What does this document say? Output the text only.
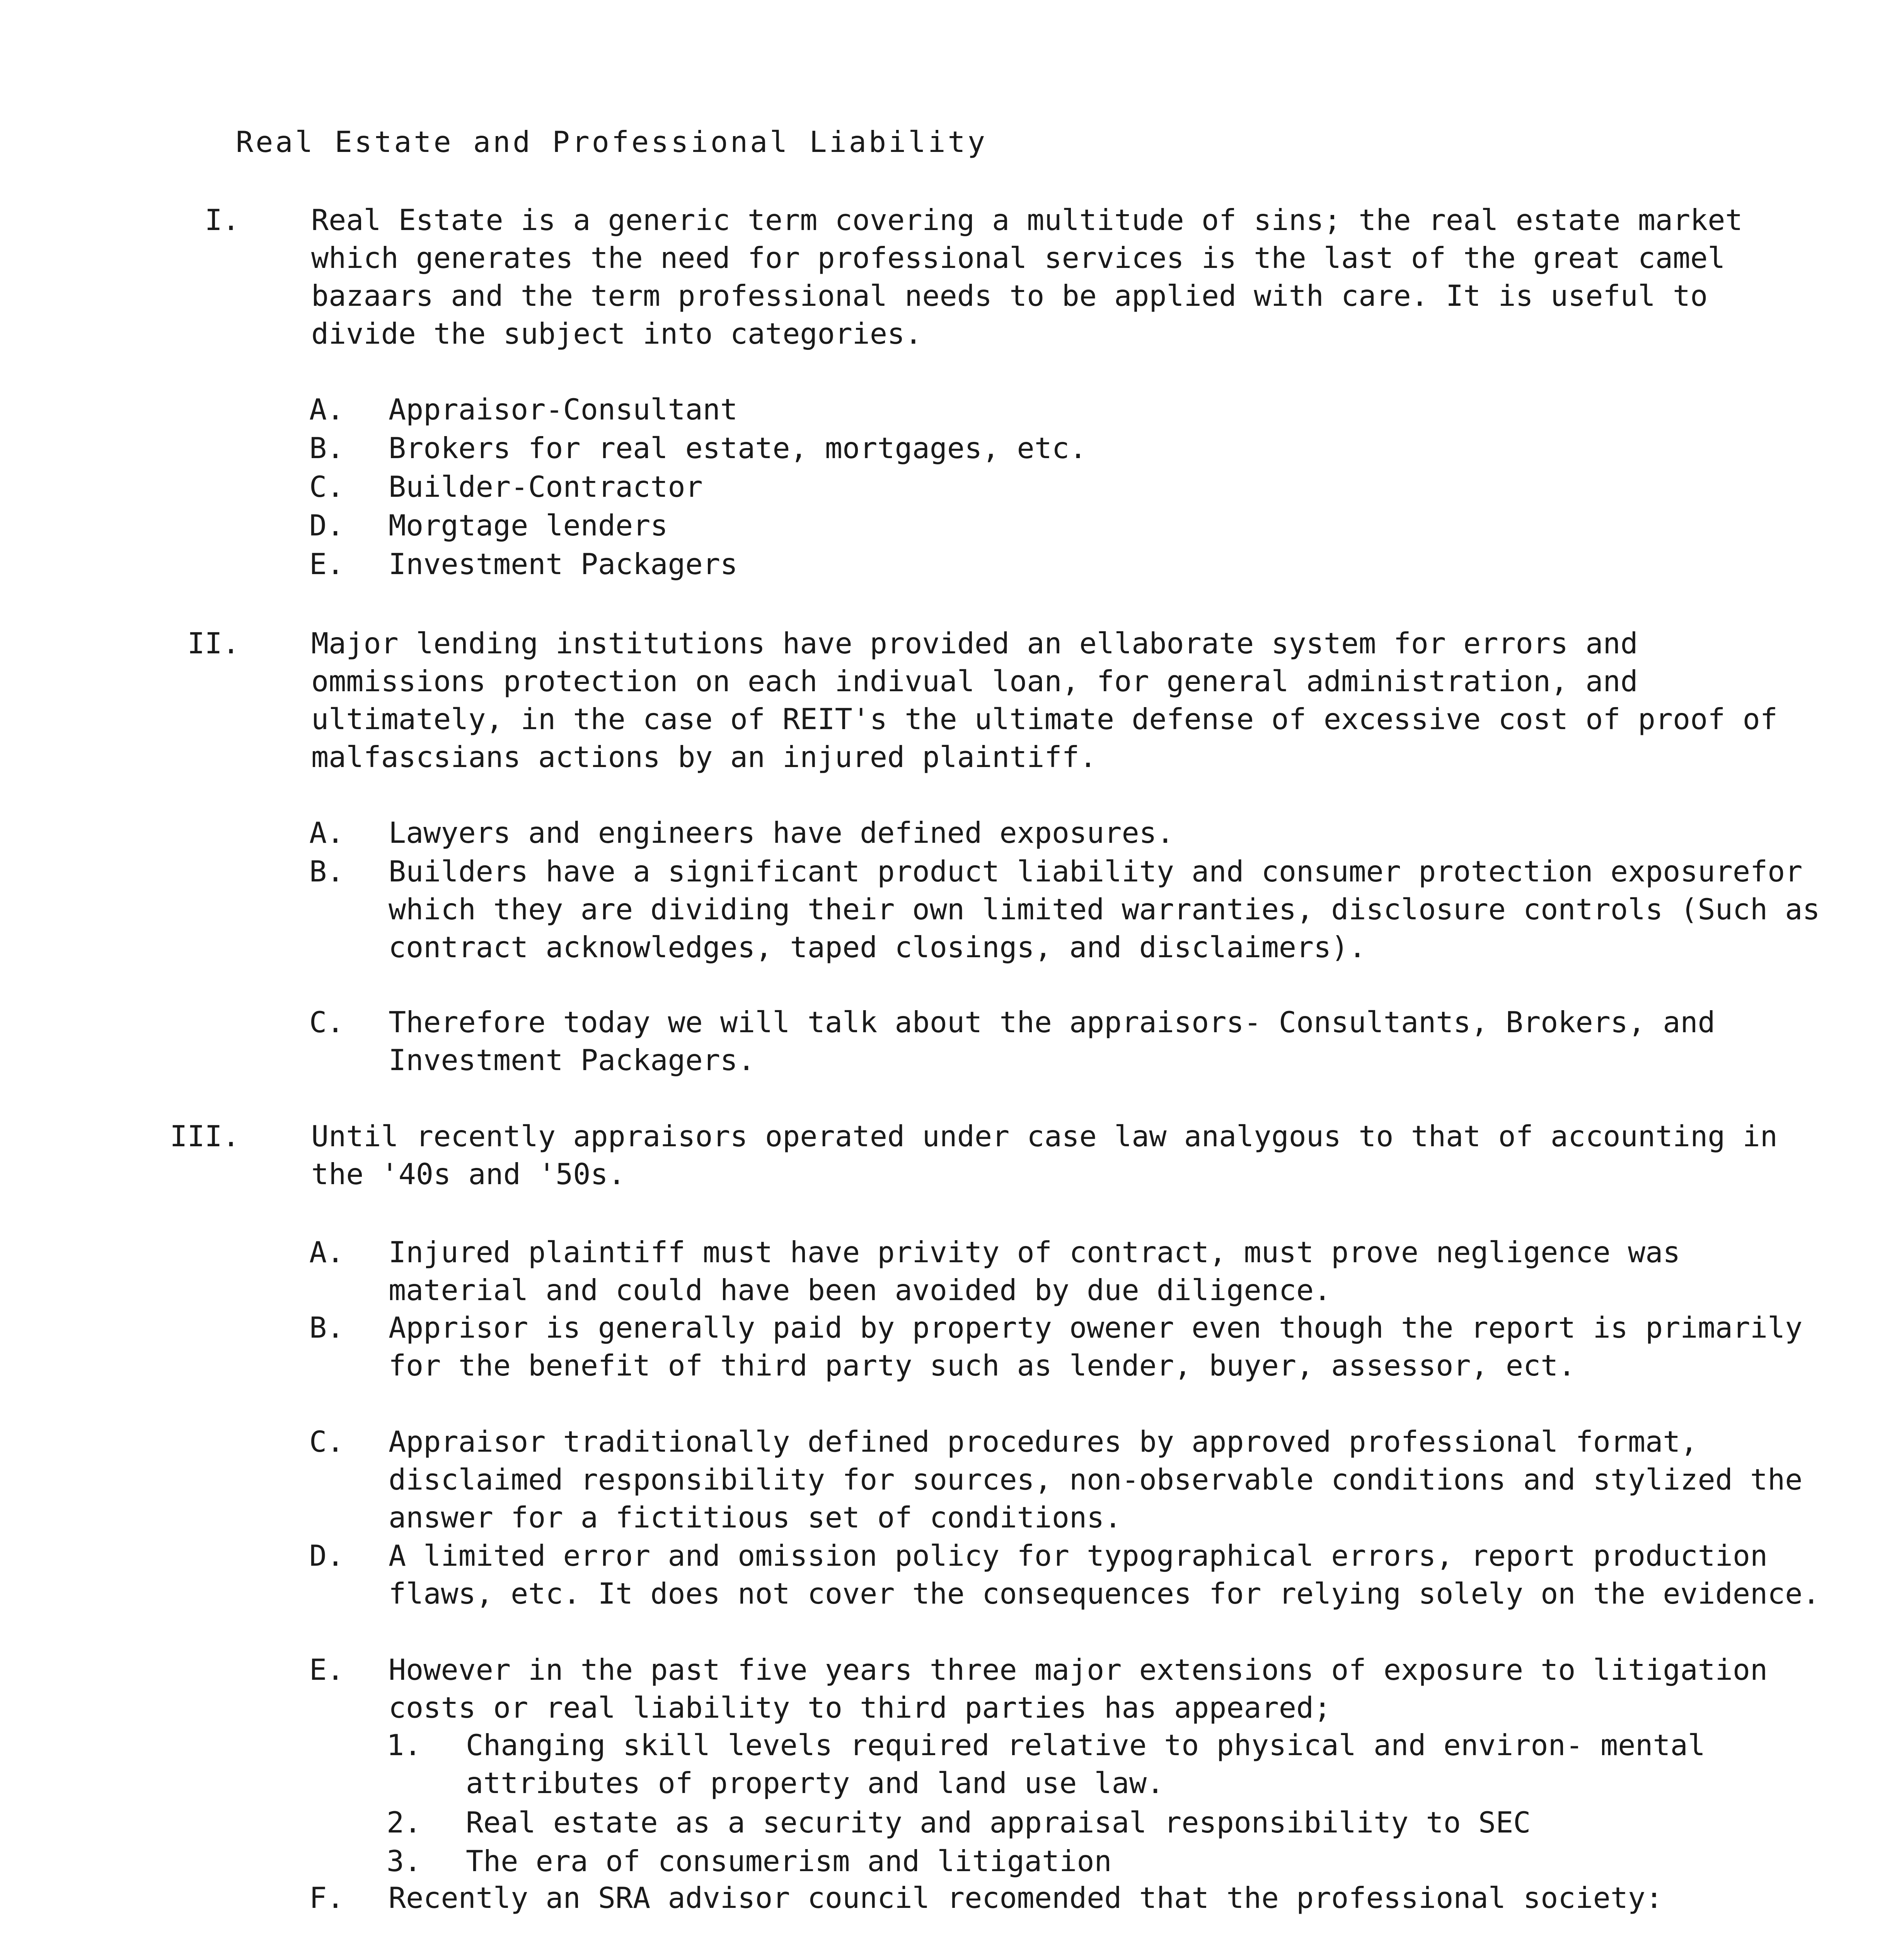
Real Estate and Professional Liability
I. Real Estate is a generic term covering a multitude of sins; the real estate market which generates the need for professional services is the last of the great camel bazaars and the term professional needs to be applied with care. It is useful to divide the subject into categories.
A. Appraisor-Consultant
B. Brokers for real estate, mortgages, etc.
C. Builder-Contractor
D. Morgtage lenders
E. Investment Packagers
II. Major lending institutions have provided an ellaborate system for errors and ommissions protection on each indivual loan, for general administration, and ultimately, in the case of REIT's the ultimate defense of excessive cost of proof of malfascsians actions by an injured plaintiff.
A. Lawyers and engineers have defined exposures.
B. Builders have a significant product liability and consumer protection exposurefor which they are dividing their own limited warranties, disclosure controls (Such as contract acknowledges, taped closings, and disclaimers).
C. Therefore today we will talk about the appraisors- Consultants, Brokers, and Investment Packagers.
III. Until recently appraisors operated under case law analygous to that of accounting in the '40s and '50s.
A. Injured plaintiff must have privity of contract, must prove negligence was material and could have been avoided by due diligence.
B. Apprisor is generally paid by property owener even though the report is primarily for the benefit of third party such as lender, buyer, assessor, ect.
C. Appraisor traditionally defined procedures by approved professional format, disclaimed responsibility for sources, non-observable conditions and stylized the answer for a fictitious set of conditions.
D. A limited error and omission policy for typographical errors, report production flaws, etc. It does not cover the consequences for relying solely on the evidence.
E. However in the past five years three major extensions of exposure to litigation costs or real liability to third parties has appeared;
1. Changing skill levels required relative to physical and environ- mental attributes of property and land use law.
2. Real estate as a security and appraisal responsibility to SEC
3. The era of consumerism and litigation
F. Recently an SRA advisor council recomended that the professional society:
